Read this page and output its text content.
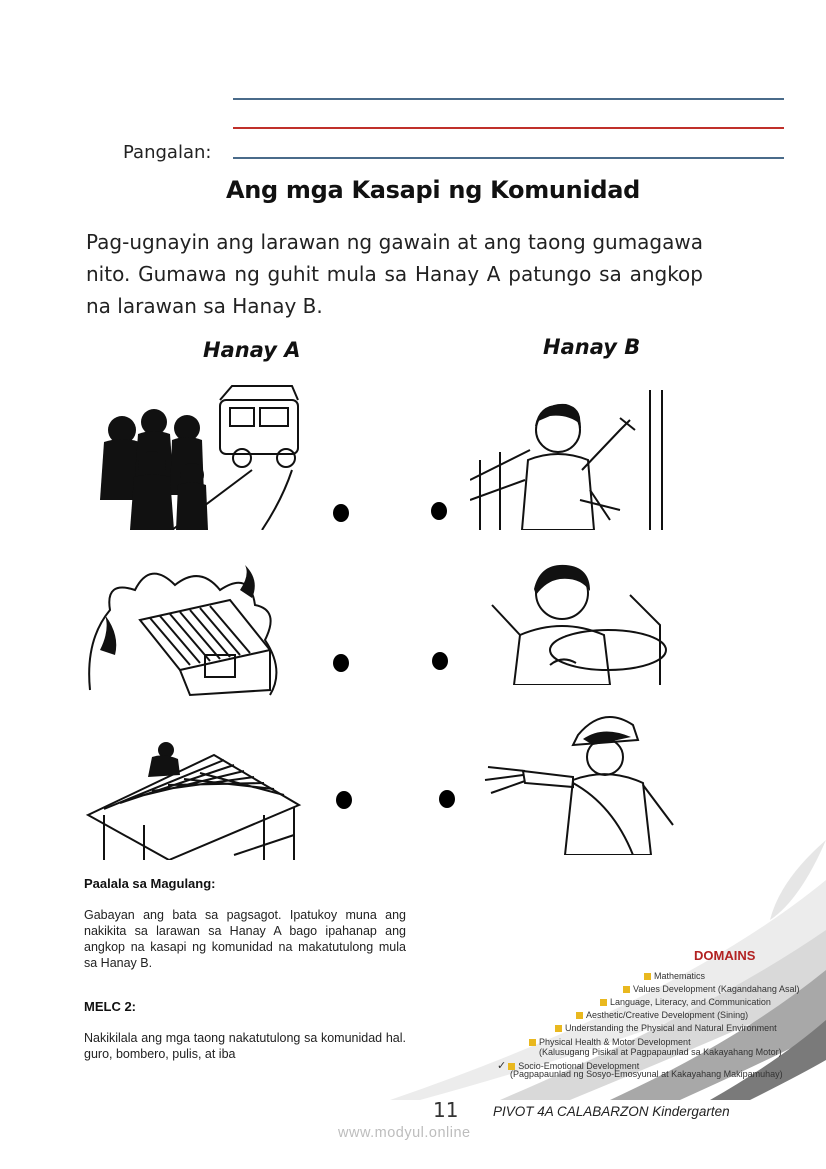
Pangalan:
Ang mga Kasapi ng Komunidad
Pag-ugnayin ang larawan ng gawain at ang taong gumagawa nito. Gumawa ng guhit mula sa Hanay A patungo sa angkop na larawan sa Hanay B.
Hanay A	Hanay B
Paalala sa Magulang:
Gabayan ang bata sa pagsagot. Ipatukoy muna ang nakikita sa larawan sa Hanay A bago ipahanap ang angkop na kasapi ng komunidad na makatutulong mula sa Hanay B.
MELC 2:
Nakikilala ang mga taong nakatutulong sa komunidad hal. guro, bombero, pulis, at iba
DOMAINS
Mathematics
Values Development (Kagandahang Asal)
Language, Literacy, and Communication
Aesthetic/Creative Development (Sining)
Understanding the Physical and Natural Environment
Physical Health & Motor Development
(Kalusugang Pisikal at Pagpapaunlad sa Kakayahang Motor)
✓ Socio-Emotional Development
(Pagpapaunlad ng Sosyo-Emosyunal at Kakayahang Makipamuhay)
11	PIVOT 4A CALABARZON Kindergarten
www.modyul.online
